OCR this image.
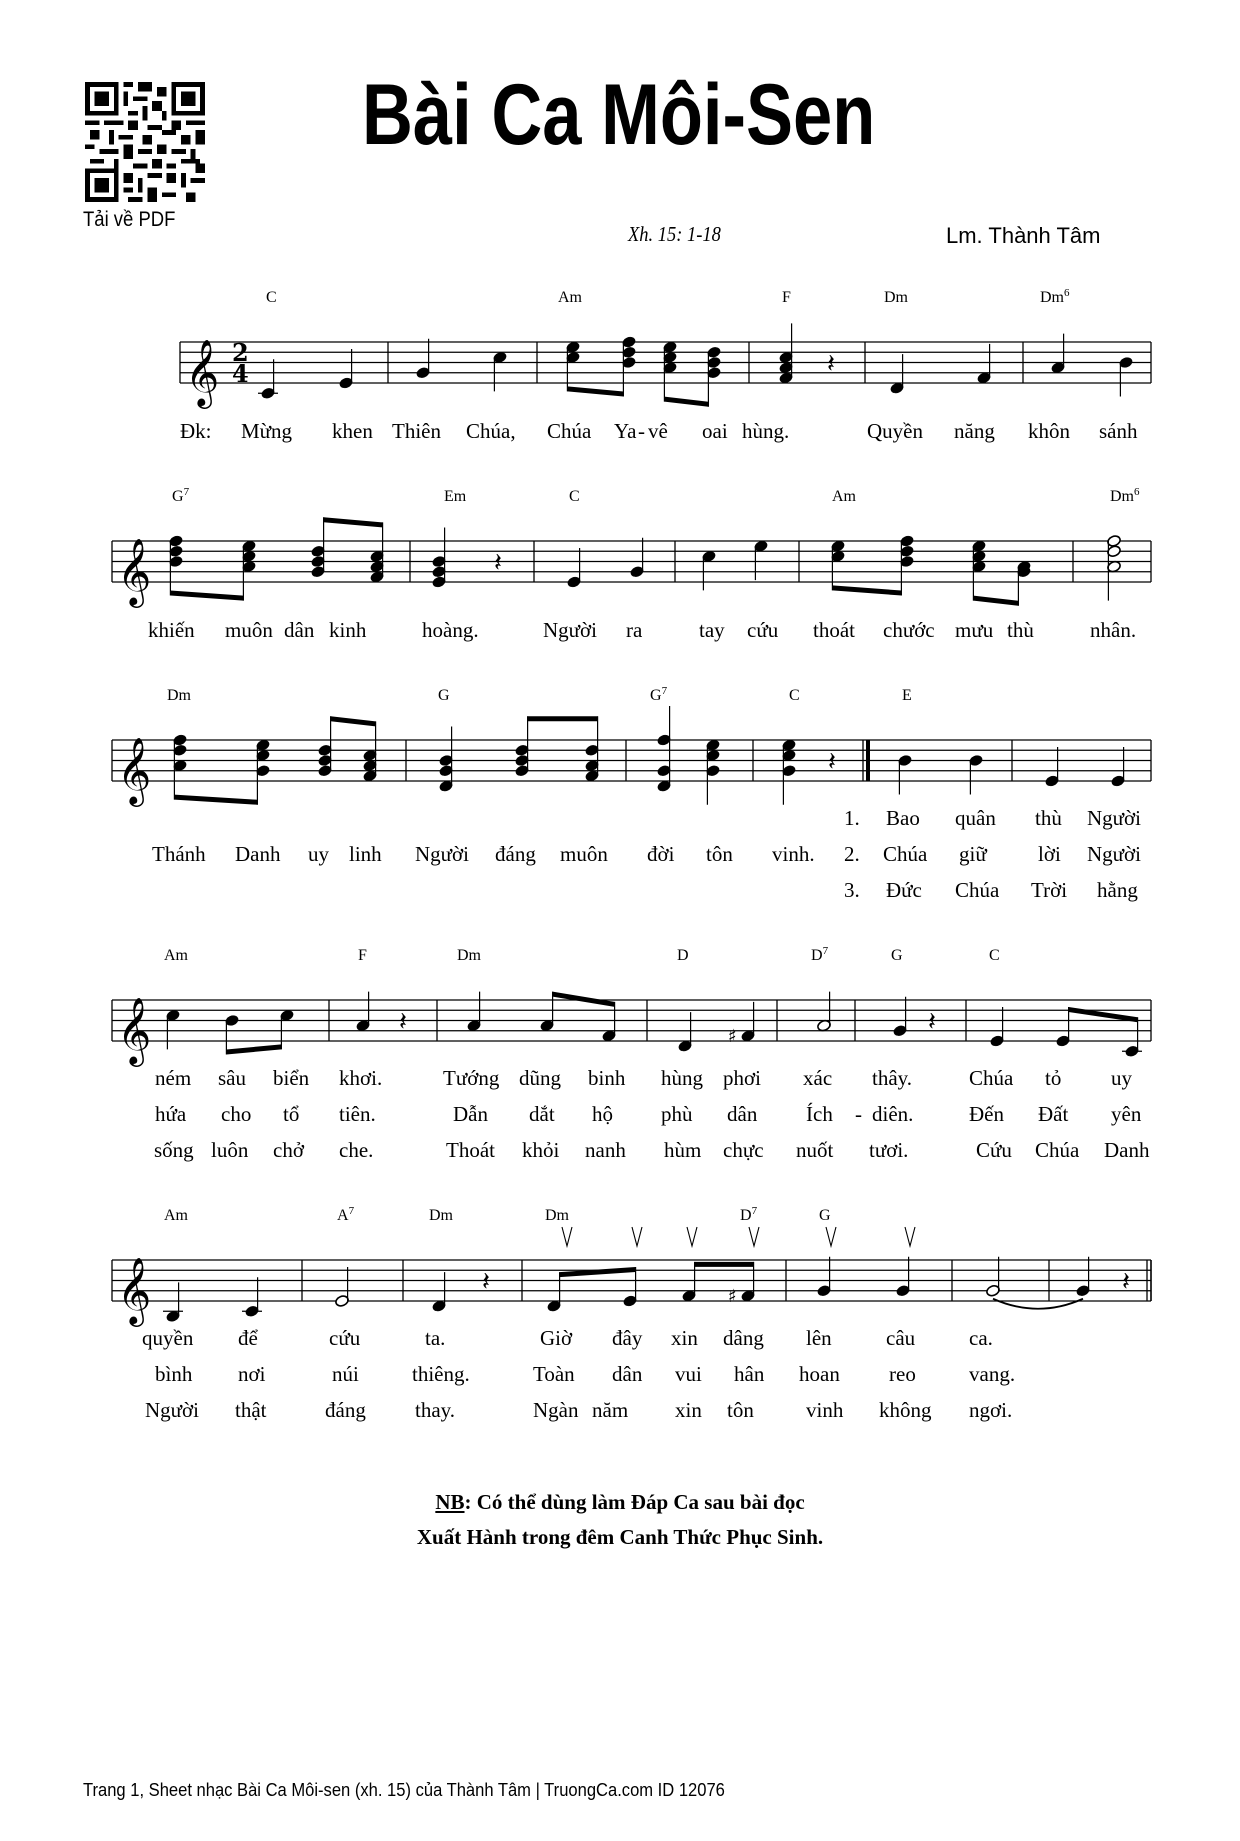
Tải về PDF
Bài Ca Môi-Sen
Xh. 15: 1-18	Lm. Thành Tâm
𝄞 2
4	𝄽
C	Am	F	Dm	Dm$^6$
Đk: Mừng khen Thiên Chúa, Chúa Ya - vê oai hùng.	Quyền năng khôn sánh
𝄞	𝄽
$G^7$	Em	C	Am	Dm$^6$
khiến muôn dân kinh	hoàng.	Người ra	tay cứu thoát chước mưu thù	nhân.
𝄞	𝄽
Dm	G	$G^7$	C	E
1. Bao quân thù Người
Thánh Danh uy linh Người đáng muôn đời tôn vinh. 2. Chúa giữ lời Người
3. Đức Chúa Trời hằng
𝄞	♯
𝄽	𝄽
Am	F	Dm	D	$D^7$	G	C
ném sâu biển khơi.	Tướng dũng binh hùng phơi xác thây.	Chúa tỏ uy
hứa cho tổ tiên.	Dẫn dắt hộ phù dân Ích - diên.	Đến Đất yên
sống luôn chở che.	Thoát khỏi nanh hùm chực nuốt tươi.	Cứu Chúa Danh
𝄞	♯
𝄽	𝄽
Am	$A^7$	Dm	Dm	$D^7$	G
quyền để	cứu	ta.	Giờ đây xin dâng lên	câu	ca.
bình nơi	núi	thiêng.	Toàn dân vui hân hoan reo	vang.
Người thật	đáng thay.	Ngàn năm xin tôn vinh không ngơi.
NB: Có thể dùng làm Đáp Ca sau bài đọc
Xuất Hành trong đêm Canh Thức Phục Sinh.
Trang 1, Sheet nhạc Bài Ca Môi-sen (xh. 15) của Thành Tâm | TruongCa.com ID 12076
